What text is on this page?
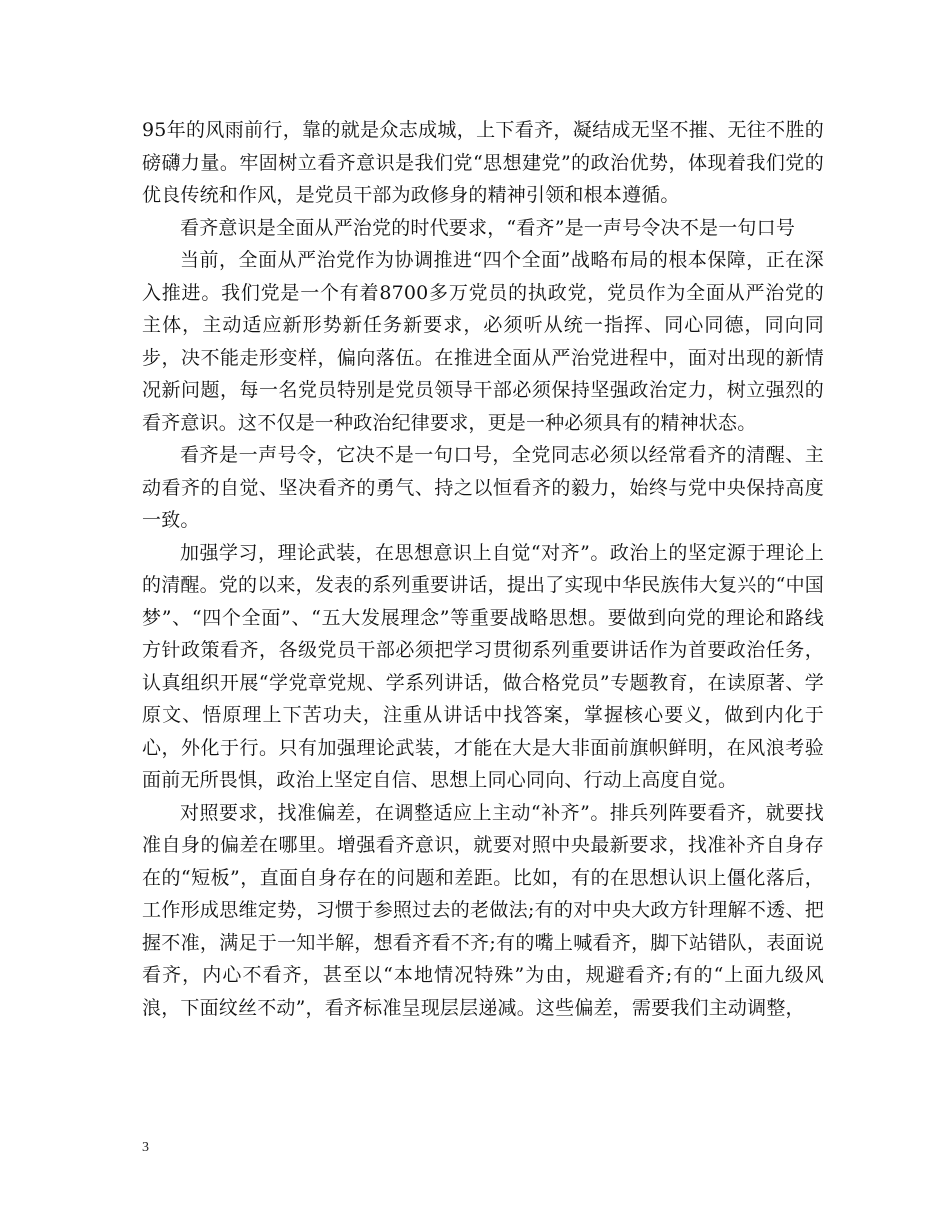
95年的风雨前行，靠的就是众志成城，上下看齐，凝结成无坚不摧、无往不胜的磅礴力量。牢固树立看齐意识是我们党“思想建党”的政治优势，体现着我们党的优良传统和作风，是党员干部为政修身的精神引领和根本遵循。

看齐意识是全面从严治党的时代要求，“看齐”是一声号令决不是一句口号

当前，全面从严治党作为协调推进“四个全面”战略布局的根本保障，正在深入推进。我们党是一个有着8700多万党员的执政党，党员作为全面从严治党的主体，主动适应新形势新任务新要求，必须听从统一指挥、同心同德，同向同步，决不能走形变样，偏向落伍。在推进全面从严治党进程中，面对出现的新情况新问题，每一名党员特别是党员领导干部必须保持坚强政治定力，树立强烈的看齐意识。这不仅是一种政治纪律要求，更是一种必须具有的精神状态。

看齐是一声号令，它决不是一句口号，全党同志必须以经常看齐的清醒、主动看齐的自觉、坚决看齐的勇气、持之以恒看齐的毅力，始终与党中央保持高度一致。

加强学习，理论武装，在思想意识上自觉“对齐”。政治上的坚定源于理论上的清醒。党的以来，发表的系列重要讲话，提出了实现中华民族伟大复兴的“中国梦”、“四个全面”、“五大发展理念”等重要战略思想。要做到向党的理论和路线方针政策看齐，各级党员干部必须把学习贯彻系列重要讲话作为首要政治任务，认真组织开展“学党章党规、学系列讲话，做合格党员”专题教育，在读原著、学原文、悟原理上下苦功夫，注重从讲话中找答案，掌握核心要义，做到内化于心，外化于行。只有加强理论武装，才能在大是大非面前旗帜鲜明，在风浪考验面前无所畏惧，政治上坚定自信、思想上同心同向、行动上高度自觉。

对照要求，找准偏差，在调整适应上主动“补齐”。排兵列阵要看齐，就要找准自身的偏差在哪里。增强看齐意识，就要对照中央最新要求，找准补齐自身存在的“短板”，直面自身存在的问题和差距。比如，有的在思想认识上僵化落后，工作形成思维定势，习惯于参照过去的老做法;有的对中央大政方针理解不透、把握不准，满足于一知半解，想看齐看不齐;有的嘴上喊看齐，脚下站错队，表面说看齐，内心不看齐，甚至以“本地情况特殊”为由，规避看齐;有的“上面九级风浪，下面纹丝不动”，看齐标准呈现层层递减。这些偏差，需要我们主动调整，

3
